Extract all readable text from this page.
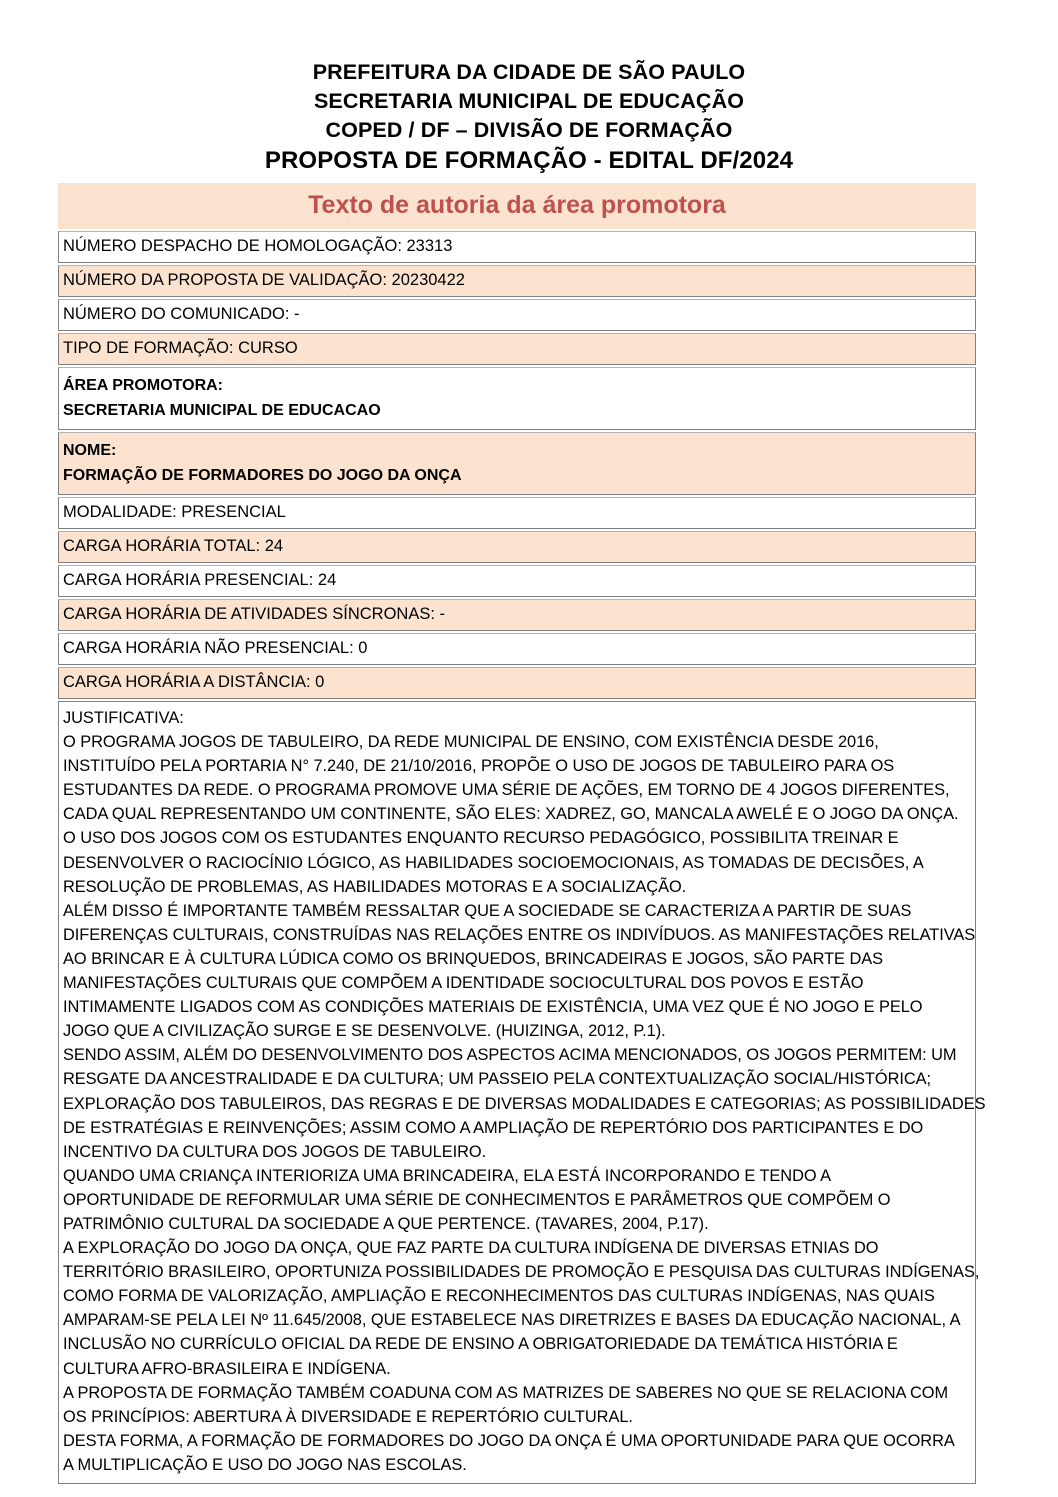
PREFEITURA DA CIDADE DE SÃO PAULO
SECRETARIA MUNICIPAL DE EDUCAÇÃO
COPED / DF – DIVISÃO DE FORMAÇÃO
PROPOSTA DE FORMAÇÃO - EDITAL DF/2024
Texto de autoria da área promotora
NÚMERO DESPACHO DE HOMOLOGAÇÃO: 23313
NÚMERO DA PROPOSTA DE VALIDAÇÃO: 20230422
NÚMERO DO COMUNICADO: -
TIPO DE FORMAÇÃO: CURSO
ÁREA PROMOTORA:
SECRETARIA MUNICIPAL DE EDUCACAO
NOME:
FORMAÇÃO DE FORMADORES DO JOGO DA ONÇA
MODALIDADE: PRESENCIAL
CARGA HORÁRIA TOTAL: 24
CARGA HORÁRIA PRESENCIAL: 24
CARGA HORÁRIA DE ATIVIDADES SÍNCRONAS: -
CARGA HORÁRIA NÃO PRESENCIAL: 0
CARGA HORÁRIA A DISTÂNCIA: 0

JUSTIFICATIVA:

O PROGRAMA JOGOS DE TABULEIRO, DA REDE MUNICIPAL DE ENSINO, COM EXISTÊNCIA DESDE 2016,

INSTITUÍDO PELA PORTARIA N° 7.240, DE 21/10/2016, PROPÕE O USO DE JOGOS DE TABULEIRO PARA OS

ESTUDANTES DA REDE. O PROGRAMA PROMOVE UMA SÉRIE DE AÇÕES, EM TORNO DE 4 JOGOS DIFERENTES,

CADA QUAL REPRESENTANDO UM CONTINENTE, SÃO ELES: XADREZ, GO, MANCALA AWELÉ E O JOGO DA ONÇA.

O USO DOS JOGOS COM OS ESTUDANTES ENQUANTO RECURSO PEDAGÓGICO, POSSIBILITA TREINAR E

DESENVOLVER O RACIOCÍNIO LÓGICO, AS HABILIDADES SOCIOEMOCIONAIS, AS TOMADAS DE DECISÕES, A

RESOLUÇÃO DE PROBLEMAS, AS HABILIDADES MOTORAS E A SOCIALIZAÇÃO.

ALÉM DISSO É IMPORTANTE TAMBÉM RESSALTAR QUE A SOCIEDADE SE CARACTERIZA A PARTIR DE SUAS

DIFERENÇAS CULTURAIS, CONSTRUÍDAS NAS RELAÇÕES ENTRE OS INDIVÍDUOS. AS MANIFESTAÇÕES RELATIVAS

AO BRINCAR E À CULTURA LÚDICA COMO OS BRINQUEDOS, BRINCADEIRAS E JOGOS, SÃO PARTE DAS

MANIFESTAÇÕES CULTURAIS QUE COMPÕEM A IDENTIDADE SOCIOCULTURAL DOS POVOS E ESTÃO

INTIMAMENTE LIGADOS COM AS CONDIÇÕES MATERIAIS DE EXISTÊNCIA, UMA VEZ QUE É NO JOGO E PELO

JOGO QUE A CIVILIZAÇÃO SURGE E SE DESENVOLVE. (HUIZINGA, 2012, P.1).

SENDO ASSIM, ALÉM DO DESENVOLVIMENTO DOS ASPECTOS ACIMA MENCIONADOS, OS JOGOS PERMITEM: UM

RESGATE DA ANCESTRALIDADE E DA CULTURA; UM PASSEIO PELA CONTEXTUALIZAÇÃO SOCIAL/HISTÓRICA;

EXPLORAÇÃO DOS TABULEIROS, DAS REGRAS E DE DIVERSAS MODALIDADES E CATEGORIAS; AS POSSIBILIDADES

DE ESTRATÉGIAS E REINVENÇÕES; ASSIM COMO A AMPLIAÇÃO DE REPERTÓRIO DOS PARTICIPANTES E DO

INCENTIVO DA CULTURA DOS JOGOS DE TABULEIRO.

QUANDO UMA CRIANÇA INTERIORIZA UMA BRINCADEIRA, ELA ESTÁ INCORPORANDO E TENDO A

OPORTUNIDADE DE REFORMULAR UMA SÉRIE DE CONHECIMENTOS E PARÂMETROS QUE COMPÕEM O

PATRIMÔNIO CULTURAL DA SOCIEDADE A QUE PERTENCE. (TAVARES, 2004, P.17).

A EXPLORAÇÃO DO JOGO DA ONÇA, QUE FAZ PARTE DA CULTURA INDÍGENA DE DIVERSAS ETNIAS DO

TERRITÓRIO BRASILEIRO, OPORTUNIZA POSSIBILIDADES DE PROMOÇÃO E PESQUISA DAS CULTURAS INDÍGENAS,

COMO FORMA DE VALORIZAÇÃO, AMPLIAÇÃO E RECONHECIMENTOS DAS CULTURAS INDÍGENAS, NAS QUAIS

AMPARAM-SE PELA LEI Nº 11.645/2008, QUE ESTABELECE NAS DIRETRIZES E BASES DA EDUCAÇÃO NACIONAL, A

INCLUSÃO NO CURRÍCULO OFICIAL DA REDE DE ENSINO A OBRIGATORIEDADE DA TEMÁTICA HISTÓRIA E

CULTURA AFRO-BRASILEIRA E INDÍGENA.

A PROPOSTA DE FORMAÇÃO TAMBÉM COADUNA COM AS MATRIZES DE SABERES NO QUE SE RELACIONA COM

OS PRINCÍPIOS: ABERTURA À DIVERSIDADE E REPERTÓRIO CULTURAL.

DESTA FORMA, A FORMAÇÃO DE FORMADORES DO JOGO DA ONÇA É UMA OPORTUNIDADE PARA QUE OCORRA

A MULTIPLICAÇÃO E USO DO JOGO NAS ESCOLAS.
